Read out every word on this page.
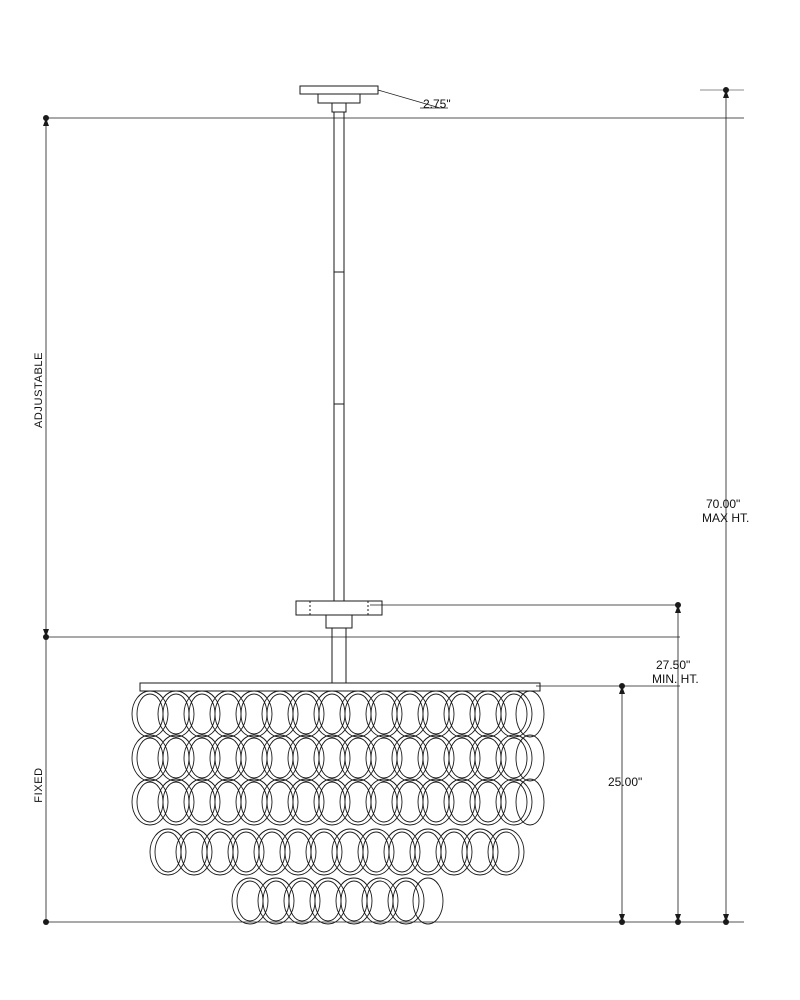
2.75"
ADJUSTABLE
FIXED
70.00"
MAX HT.
27.50"
MIN. HT.
25.00"
